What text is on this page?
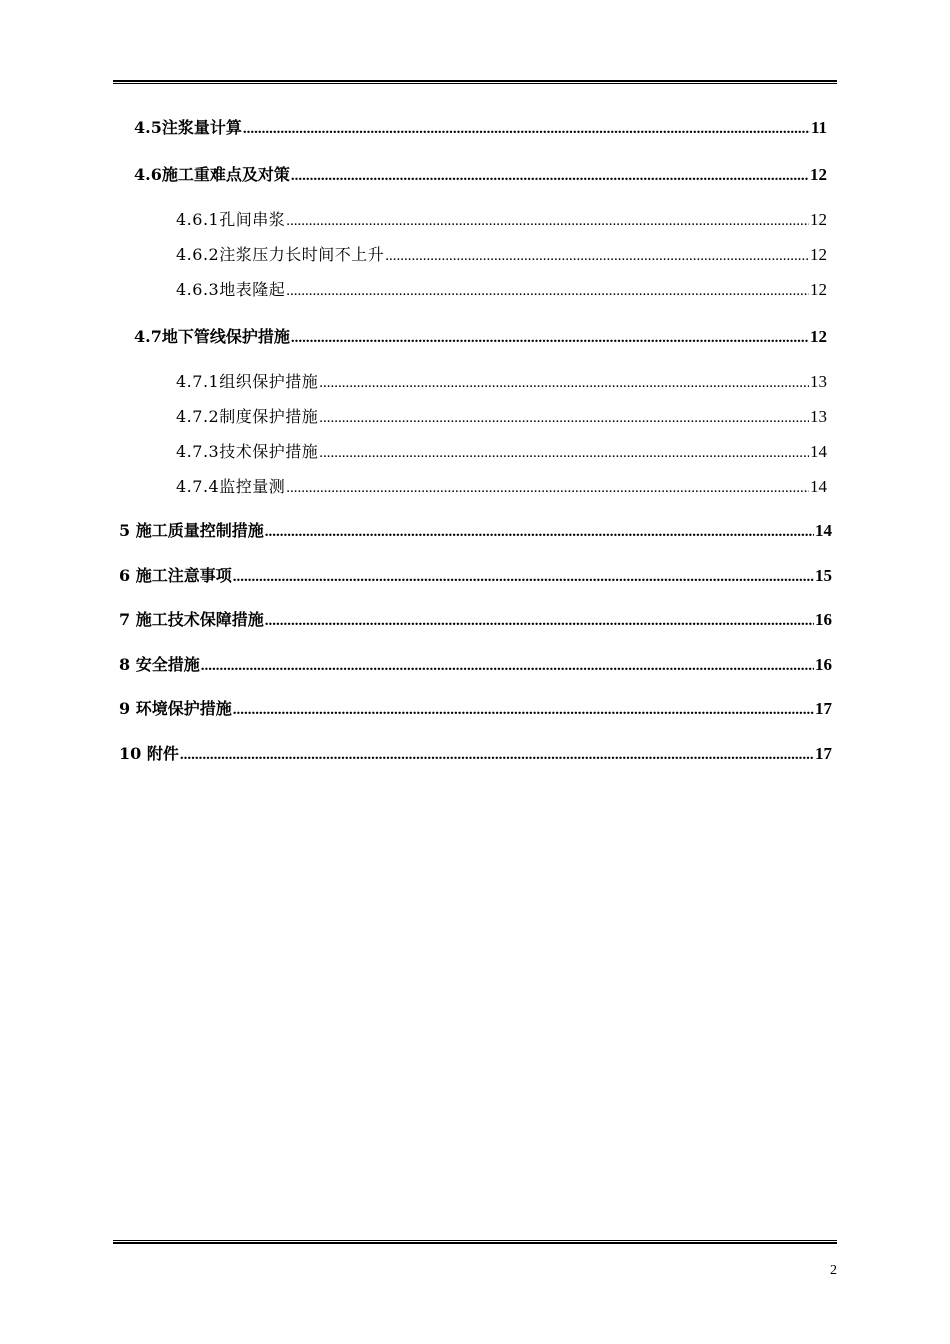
4.5注浆量计算 .....	11
4.6施工重难点及对策 .....	12
4.6.1孔间串浆 .....	12
4.6.2注浆压力长时间不上升 .....	12
4.6.3地表隆起 .....	12
4.7地下管线保护措施 .....	12
4.7.1组织保护措施 .....	13
4.7.2制度保护措施 .....	13
4.7.3技术保护措施 .....	14
4.7.4监控量测 .....	14
5 施工质量控制措施 .....	14
6 施工注意事项 .....	15
7 施工技术保障措施 .....	16
8 安全措施 .....	16
9 环境保护措施 .....	17
10 附件 .....	17
2
